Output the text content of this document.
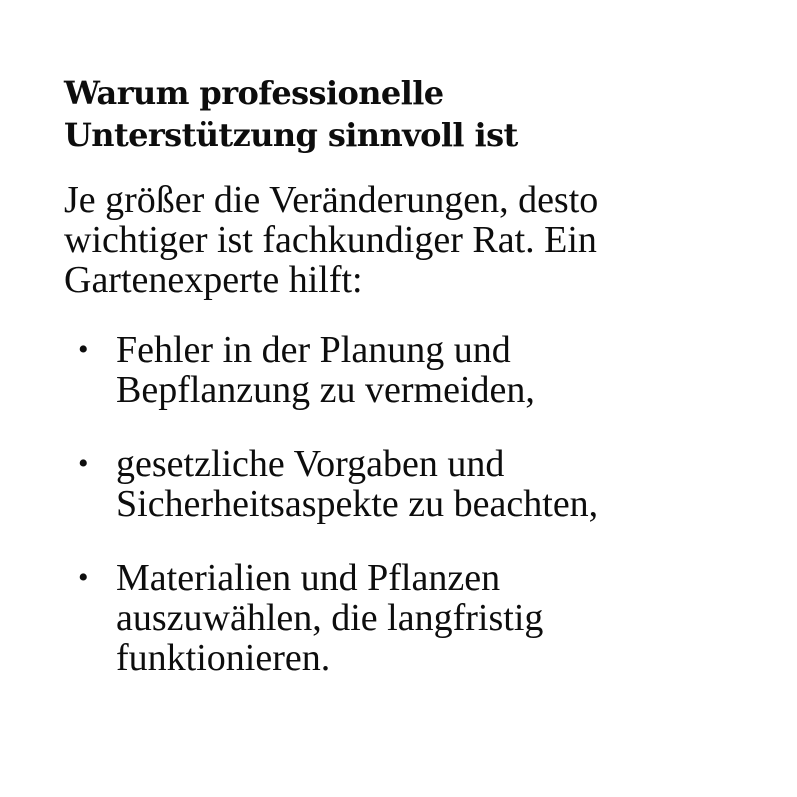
Warum professionelle Unterstützung sinnvoll ist

Je größer die Veränderungen, desto wichtiger ist fachkundiger Rat. Ein Gartenexperte hilft:

• Fehler in der Planung und Bepflanzung zu vermeiden,
• gesetzliche Vorgaben und Sicherheitsaspekte zu beachten,
• Materialien und Pflanzen auszuwählen, die langfristig funktionieren.
